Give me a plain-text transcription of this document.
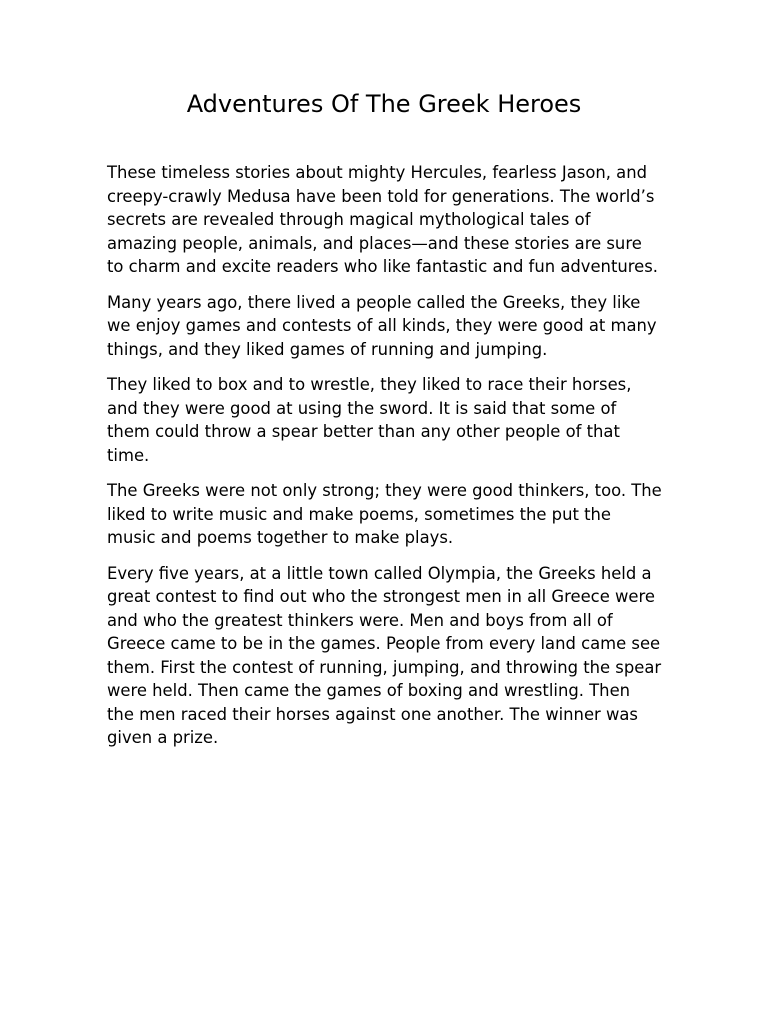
Adventures Of The Greek Heroes

These timeless stories about mighty Hercules, fearless Jason, and creepy-crawly Medusa have been told for generations. The world’s secrets are revealed through magical mythological tales of amazing people, animals, and places—and these stories are sure to charm and excite readers who like fantastic and fun adventures.

Many years ago, there lived a people called the Greeks, they like we enjoy games and contests of all kinds, they were good at many things, and they liked games of running and jumping.

They liked to box and to wrestle, they liked to race their horses, and they were good at using the sword. It is said that some of them could throw a spear better than any other people of that time.

The Greeks were not only strong; they were good thinkers, too. The liked to write music and make poems, sometimes the put the music and poems together to make plays.

Every five years, at a little town called Olympia, the Greeks held a great contest to find out who the strongest men in all Greece were and who the greatest thinkers were. Men and boys from all of Greece came to be in the games. People from every land came see them. First the contest of running, jumping, and throwing the spear were held. Then came the games of boxing and wrestling. Then the men raced their horses against one another. The winner was given a prize.
